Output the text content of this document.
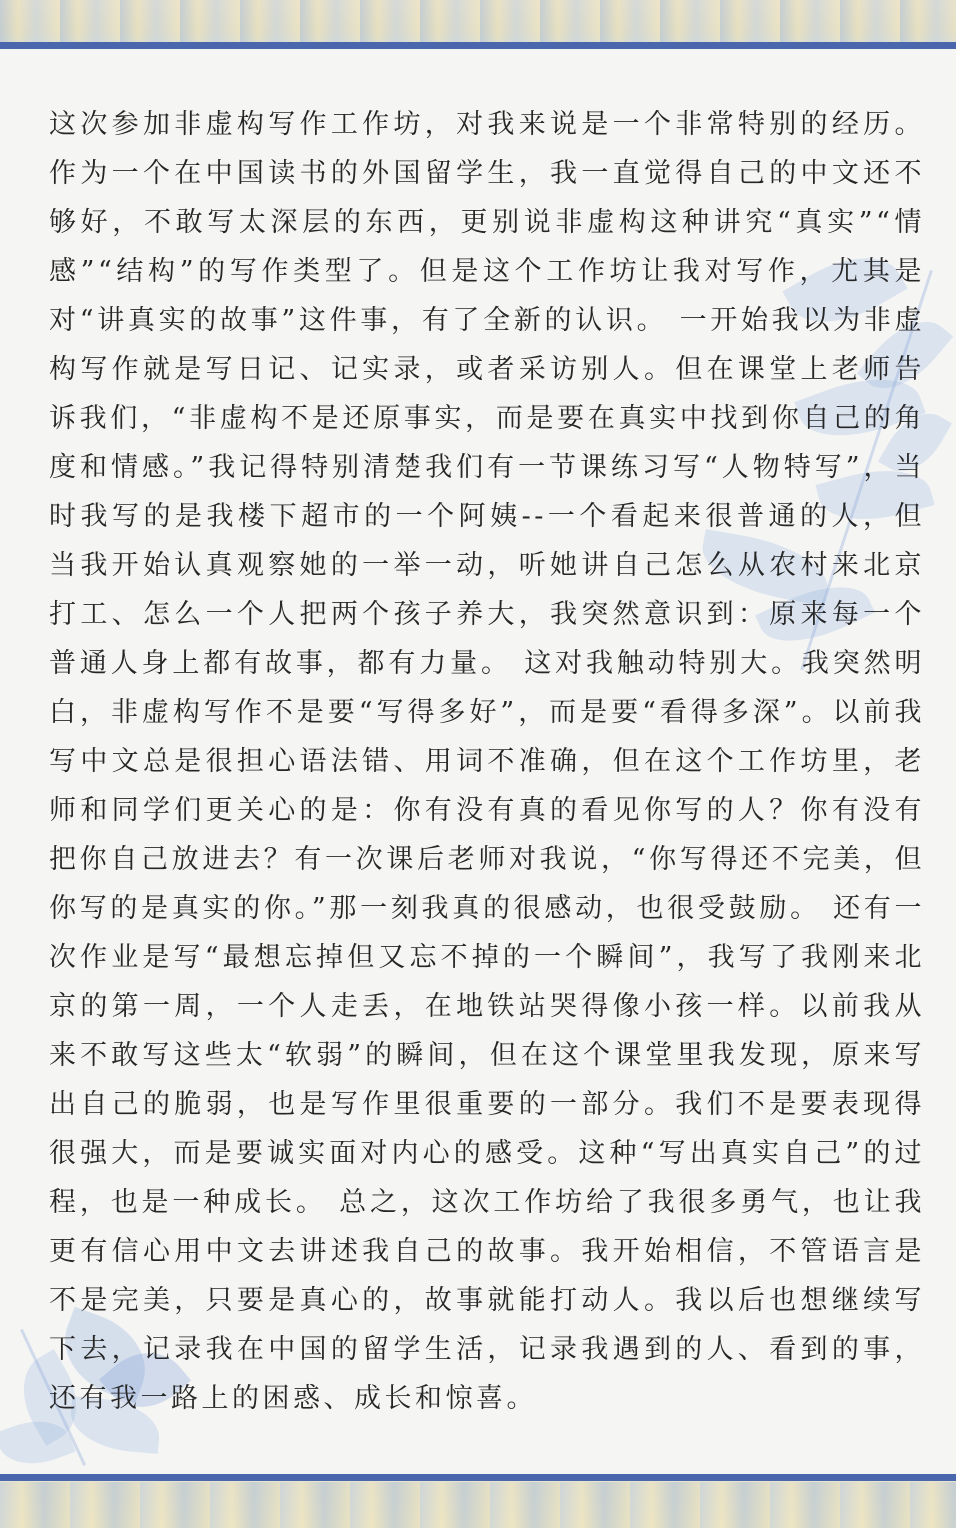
这次参加非虚构写作工作坊，对我来说是一个非常特别的经历。作为一个在中国读书的外国留学生，我一直觉得自己的中文还不够好，不敢写太深层的东西，更别说非虚构这种讲究“真实”“情感”“结构”的写作类型了。但是这个工作坊让我对写作，尤其是对“讲真实的故事”这件事，有了全新的认识。 一开始我以为非虚构写作就是写日记、记实录，或者采访别人。但在课堂上老师告诉我们，“非虚构不是还原事实，而是要在真实中找到你自己的角度和情感。”我记得特别清楚我们有一节课练习写“人物特写”，当时我写的是我楼下超市的一个阿姨--一个看起来很普通的人，但当我开始认真观察她的一举一动，听她讲自己怎么从农村来北京打工、怎么一个人把两个孩子养大，我突然意识到：原来每一个普通人身上都有故事，都有力量。 这对我触动特别大。我突然明白，非虚构写作不是要“写得多好”，而是要“看得多深”。以前我写中文总是很担心语法错、用词不准确，但在这个工作坊里，老师和同学们更关心的是：你有没有真的看见你写的人？你有没有把你自己放进去？有一次课后老师对我说，“你写得还不完美，但你写的是真实的你。”那一刻我真的很感动，也很受鼓励。 还有一次作业是写“最想忘掉但又忘不掉的一个瞬间”，我写了我刚来北京的第一周，一个人走丢，在地铁站哭得像小孩一样。以前我从来不敢写这些太“软弱”的瞬间，但在这个课堂里我发现，原来写出自己的脆弱，也是写作里很重要的一部分。我们不是要表现得很强大，而是要诚实面对内心的感受。这种“写出真实自己”的过程，也是一种成长。 总之，这次工作坊给了我很多勇气，也让我更有信心用中文去讲述我自己的故事。我开始相信，不管语言是不是完美，只要是真心的，故事就能打动人。我以后也想继续写下去，记录我在中国的留学生活，记录我遇到的人、看到的事，还有我一路上的困惑、成长和惊喜。
